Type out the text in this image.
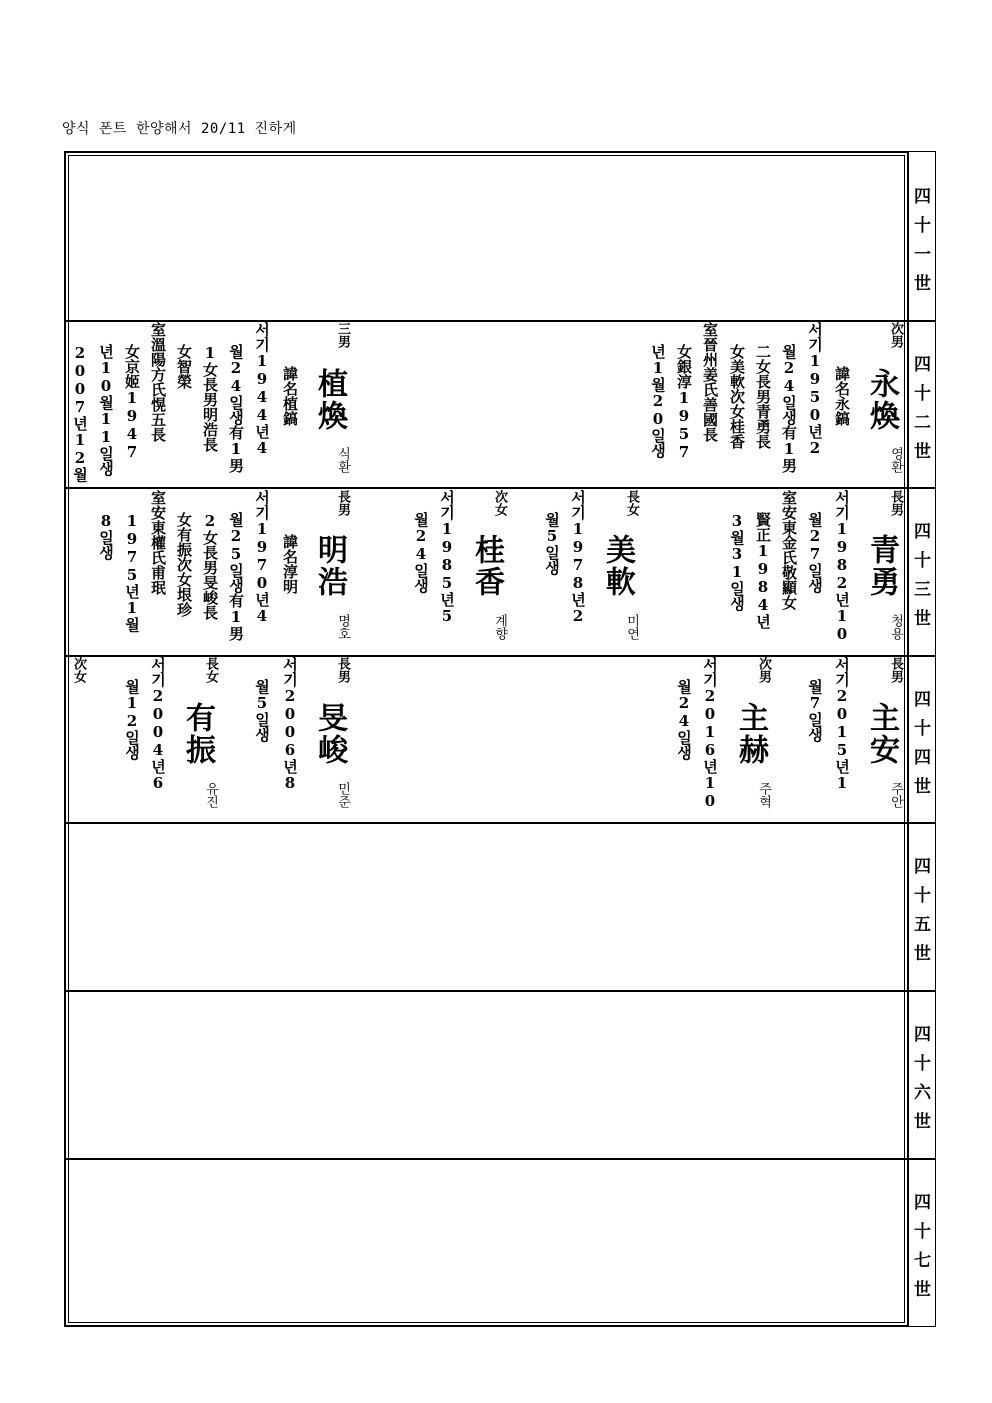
양식 폰트 한양해서 20/11 진하게
四
十
一
世
四
十
二
世
四
十
三
世
四
十
四
世
四
十
五
世
四
十
六
世
四
十
七
世
次男
永煥
영환
諱名永鎬
서기1950년2
월24일생有1男
二女長男青勇長
女美軟次女桂香
室晉州姜氏善國長
女銀淳1957
년1월20일생
三男
植煥
식환
諱名植鎬
서기1944년4
월24일생有1男
1女長男明浩長
女智榮
室溫陽方氏愰五長
女京姬1947
년10월11일생
2007년12월
長男
青勇
청용
서기1982년10
월27일생
室安東金氏敬顯女
賢正1984년
3월31일생
長女
美軟
미연
서기1978년2
월5일생
次女
桂香
계향
서기1985년5
월24일생
長男
明浩
명호
諱名淳明
서기1970년4
월25일생有1男
2女長男旻峻長
女有振次女垠珍
室安東權氏甫珉
1975년1월
8일생
長男
主安
주안
서기2015년1
월7일생
次男
主赫
주혁
서기2016년10
월24일생
長男
旻峻
민준
서기2006년8
월5일생
長女
有振
유진
서기2004년6
월12일생
次女
